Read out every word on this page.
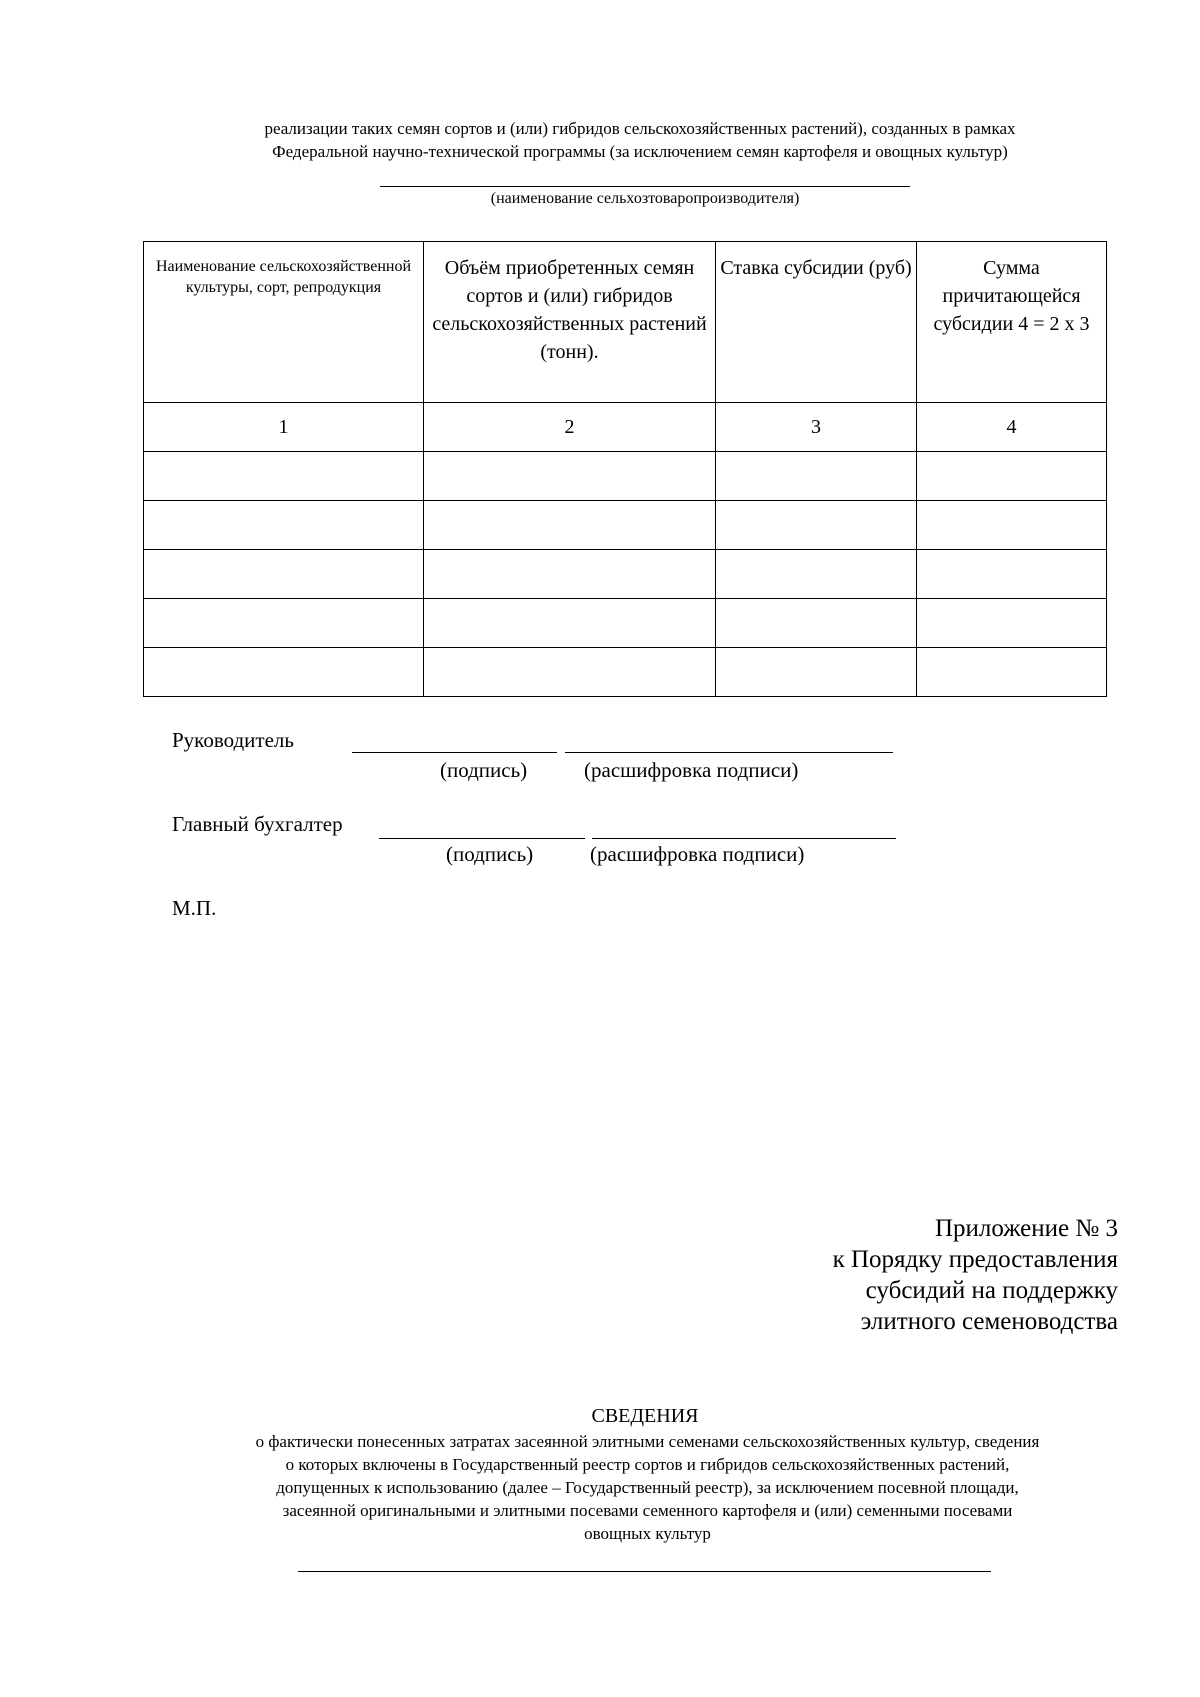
реализации таких семян сортов и (или) гибридов сельскохозяйственных растений), созданных в рамках
Федеральной научно-технической программы (за исключением семян картофеля и овощных культур)
(наименование сельхозтоваропроизводителя)
Наименование сельскохозяйственной культуры, сорт, репродукция	Объём приобретенных семян сортов и (или) гибридов сельскохозяйственных растений (тонн).	Ставка субсидии (руб)	Сумма причитающейся субсидии 4 = 2 х 3
1	2	3	4

Руководитель
(подпись)	(расшифровка подписи)
Главный бухгалтер
(подпись)	(расшифровка подписи)
М.П.
Приложение № 3
к Порядку предоставления
субсидий на поддержку
элитного семеноводства
СВЕДЕНИЯ
о фактически понесенных затратах засеянной элитными семенами сельскохозяйственных культур, сведения
о которых включены в Государственный реестр сортов и гибридов сельскохозяйственных растений,
допущенных к использованию (далее – Государственный реестр), за исключением посевной площади,
засеянной оригинальными и элитными посевами семенного картофеля и (или) семенными посевами
овощных культур
